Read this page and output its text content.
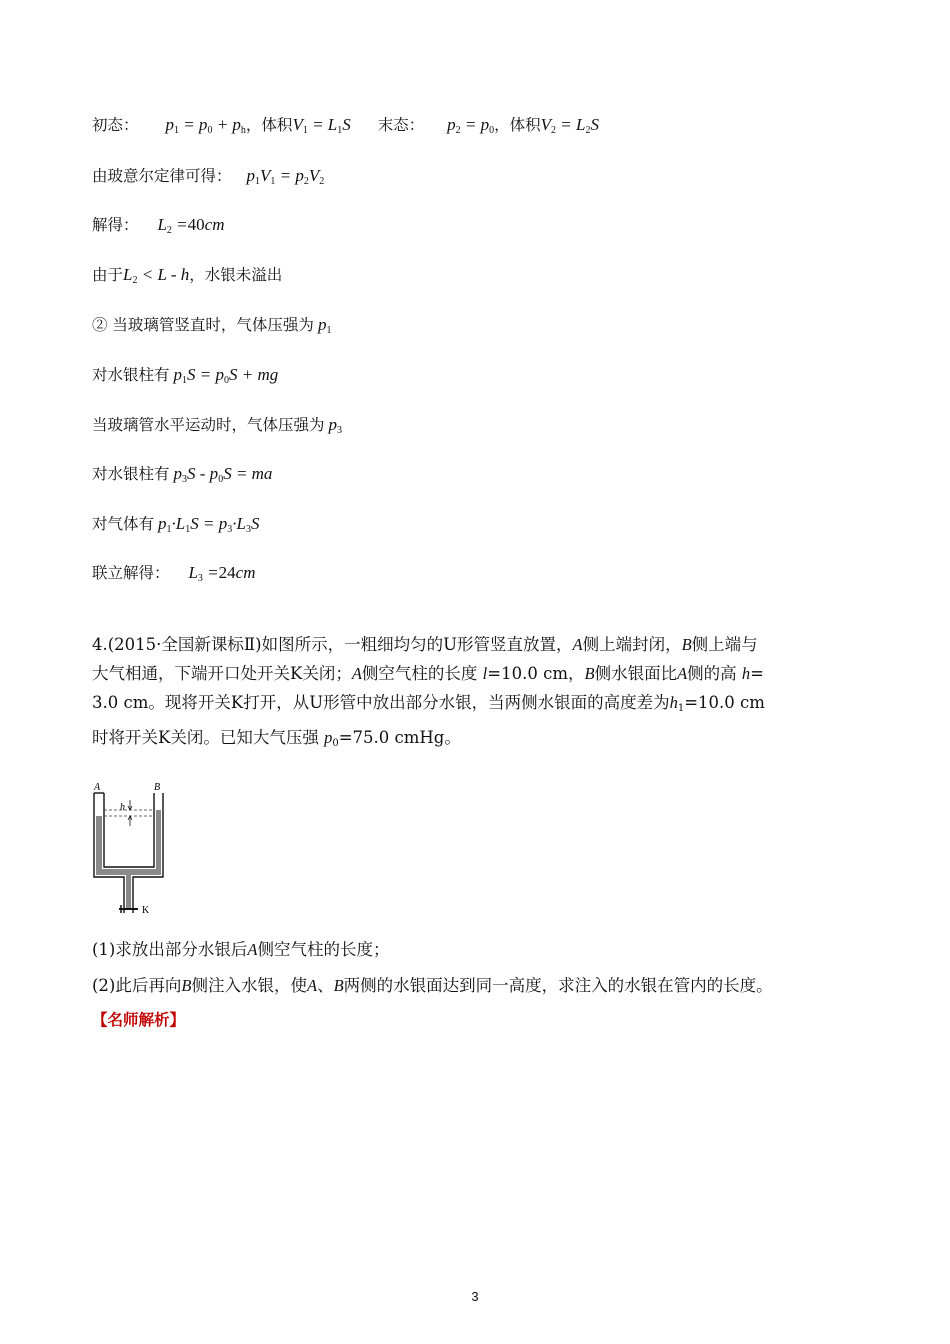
初态： $p_1 = p_0 + p_h$，体积$V_1 = L_1S$ 末态： $p_2 = p_0$，体积$V_2 = L_2S$
由玻意尔定律可得： $p_1V_1 = p_2V_2$
解得： $L_2 =40cm$
由于$L_2 < L - h$，水银未溢出
② 当玻璃管竖直时，气体压强为 $p_1$
对水银柱有 $p_1S = p_0S$ + mg
当玻璃管水平运动时，气体压强为 $p_3$
对水银柱有 $p_3S - p_0S$ = ma
对气体有 $p_1\cdot L_1S = p_3\cdot L_3S$
联立解得： $L_3 =24cm$
4.(2015·全国新课标Ⅱ)如图所示，一粗细均匀的U形管竖直放置，A侧上端封闭，B侧上端与
大气相通，下端开口处开关K关闭；A侧空气柱的长度 l=10.0 cm，B侧水银面比A侧的高 h=
3.0 cm。现将开关K打开，从U形管中放出部分水银，当两侧水银面的高度差为$h_1=10.0$ cm
时将开关K关闭。已知大气压强 $p_0=75.0$ cmHg。
A	B
h
K
(1)求放出部分水银后A侧空气柱的长度；
(2)此后再向B侧注入水银，使A、B两侧的水银面达到同一高度，求注入的水银在管内的长度。
【名师解析】
3
